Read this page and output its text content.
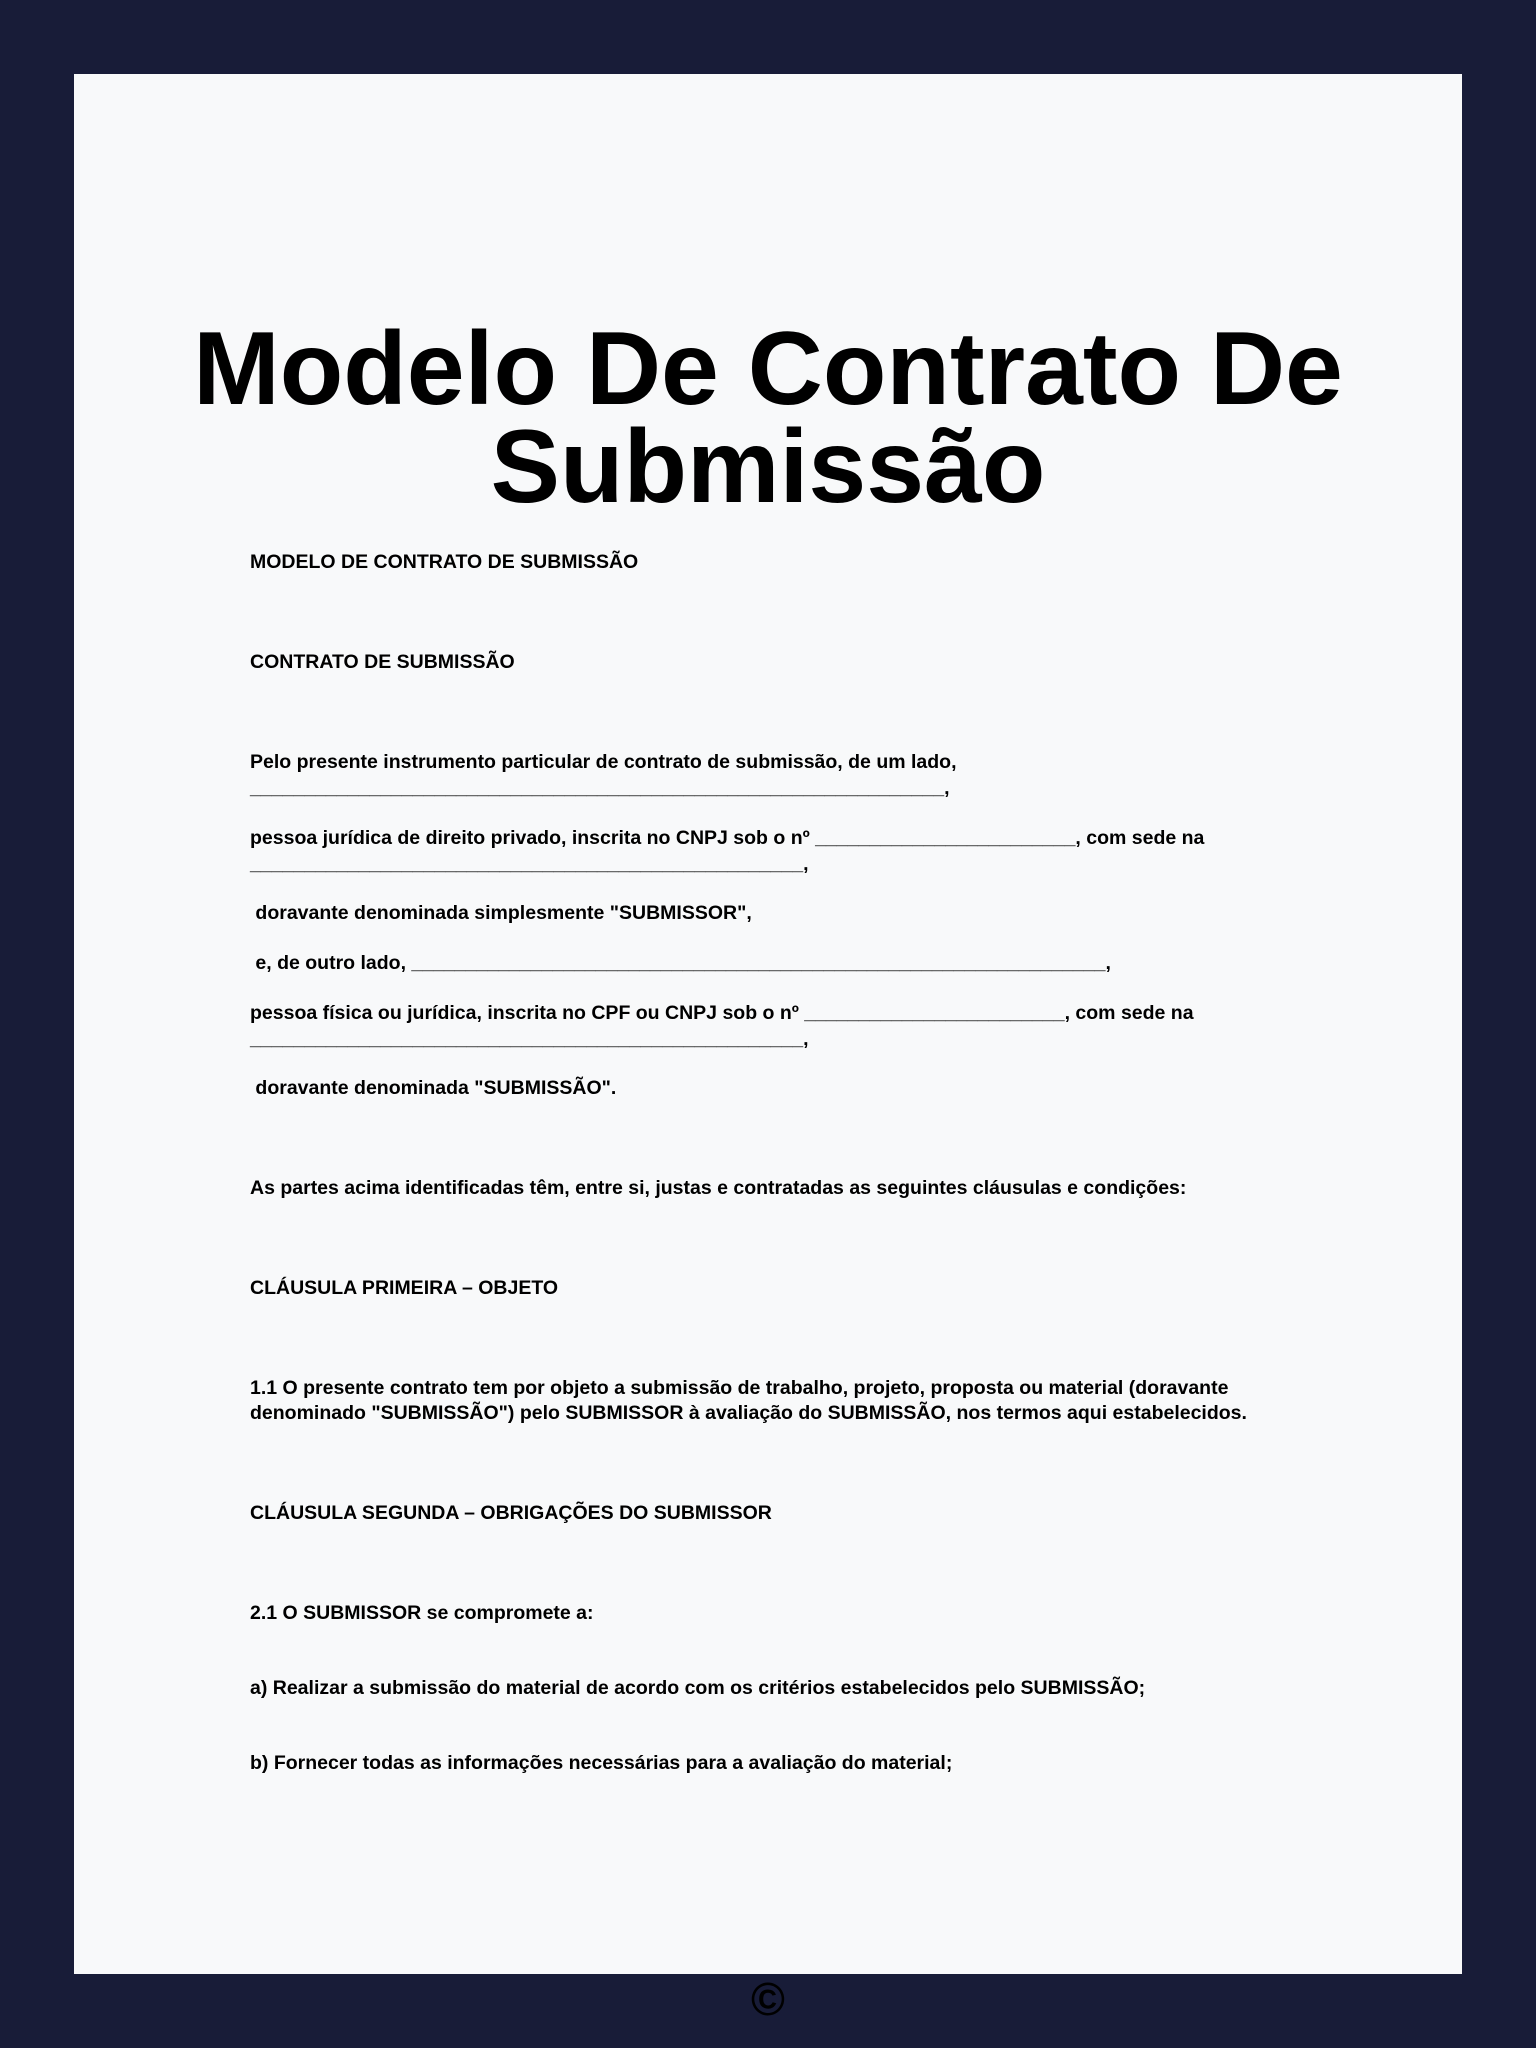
Modelo De Contrato De
Submissão

MODELO DE CONTRATO DE SUBMISSÃO

CONTRATO DE SUBMISSÃO

Pelo presente instrumento particular de contrato de submissão, de um lado,

________________________________________________________________,

pessoa jurídica de direito privado, inscrita no CNPJ sob o nº ________________________, com sede na

___________________________________________________,

doravante denominada simplesmente "SUBMISSOR",

e, de outro lado, ________________________________________________________________,

pessoa física ou jurídica, inscrita no CPF ou CNPJ sob o nº ________________________, com sede na

___________________________________________________,

doravante denominada "SUBMISSÃO".

As partes acima identificadas têm, entre si, justas e contratadas as seguintes cláusulas e condições:

CLÁUSULA PRIMEIRA – OBJETO

1.1 O presente contrato tem por objeto a submissão de trabalho, projeto, proposta ou material (doravante

denominado "SUBMISSÃO") pelo SUBMISSOR à avaliação do SUBMISSÃO, nos termos aqui estabelecidos.

CLÁUSULA SEGUNDA – OBRIGAÇÕES DO SUBMISSOR

2.1 O SUBMISSOR se compromete a:

a) Realizar a submissão do material de acordo com os critérios estabelecidos pelo SUBMISSÃO;

b) Fornecer todas as informações necessárias para a avaliação do material;

©
